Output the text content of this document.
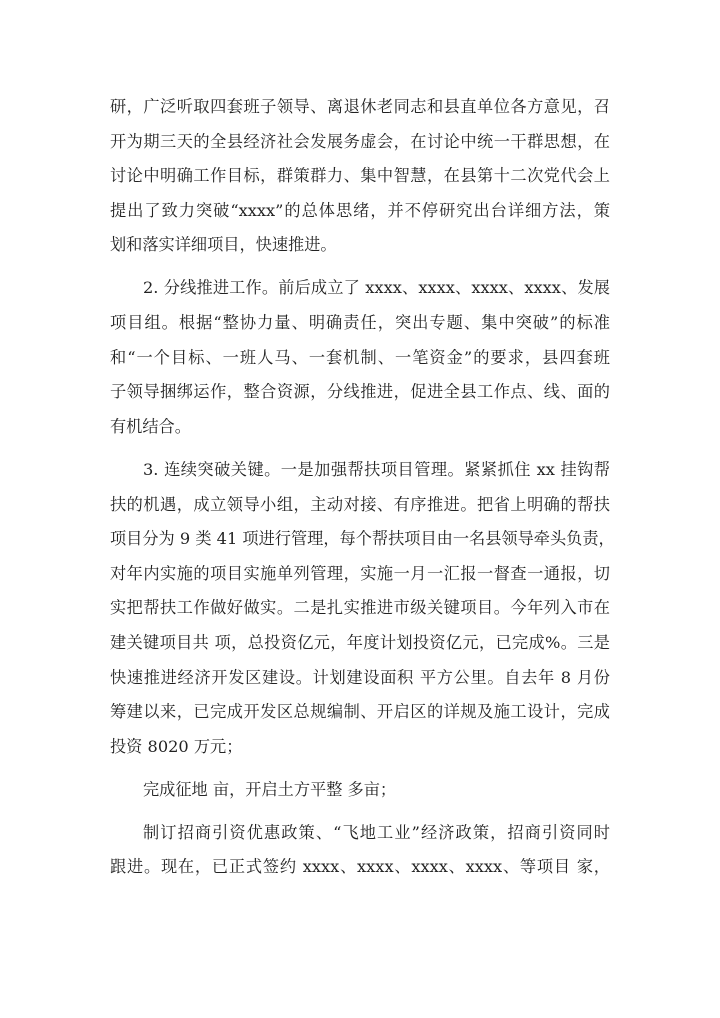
研，广泛听取四套班子领导、离退休老同志和县直单位各方意见，召
开为期三天的全县经济社会发展务虚会，在讨论中统一干群思想，在
讨论中明确工作目标，群策群力、集中智慧，在县第十二次党代会上
提出了致力突破“xxxx”的总体思绪，并不停研究出台详细方法，策
划和落实详细项目，快速推进。
2. 分线推进工作。前后成立了 xxxx、xxxx、xxxx、xxxx、发展
项目组。根据“整协力量、明确责任，突出专题、集中突破”的标准
和“一个目标、一班人马、一套机制、一笔资金”的要求，县四套班
子领导捆绑运作，整合资源，分线推进，促进全县工作点、线、面的
有机结合。
3. 连续突破关键。一是加强帮扶项目管理。紧紧抓住 xx 挂钩帮
扶的机遇，成立领导小组，主动对接、有序推进。把省上明确的帮扶
项目分为 9 类 41 项进行管理，每个帮扶项目由一名县领导牵头负责，
对年内实施的项目实施单列管理，实施一月一汇报一督查一通报，切
实把帮扶工作做好做实。二是扎实推进市级关键项目。今年列入市在
建关键项目共 项，总投资亿元，年度计划投资亿元，已完成%。三是
快速推进经济开发区建设。计划建设面积 平方公里。自去年 8 月份
筹建以来，已完成开发区总规编制、开启区的详规及施工设计，完成
投资 8020 万元；
完成征地 亩，开启土方平整 多亩；
制订招商引资优惠政策、“飞地工业”经济政策，招商引资同时
跟进。现在，已正式签约 xxxx、xxxx、xxxx、xxxx、等项目 家，
